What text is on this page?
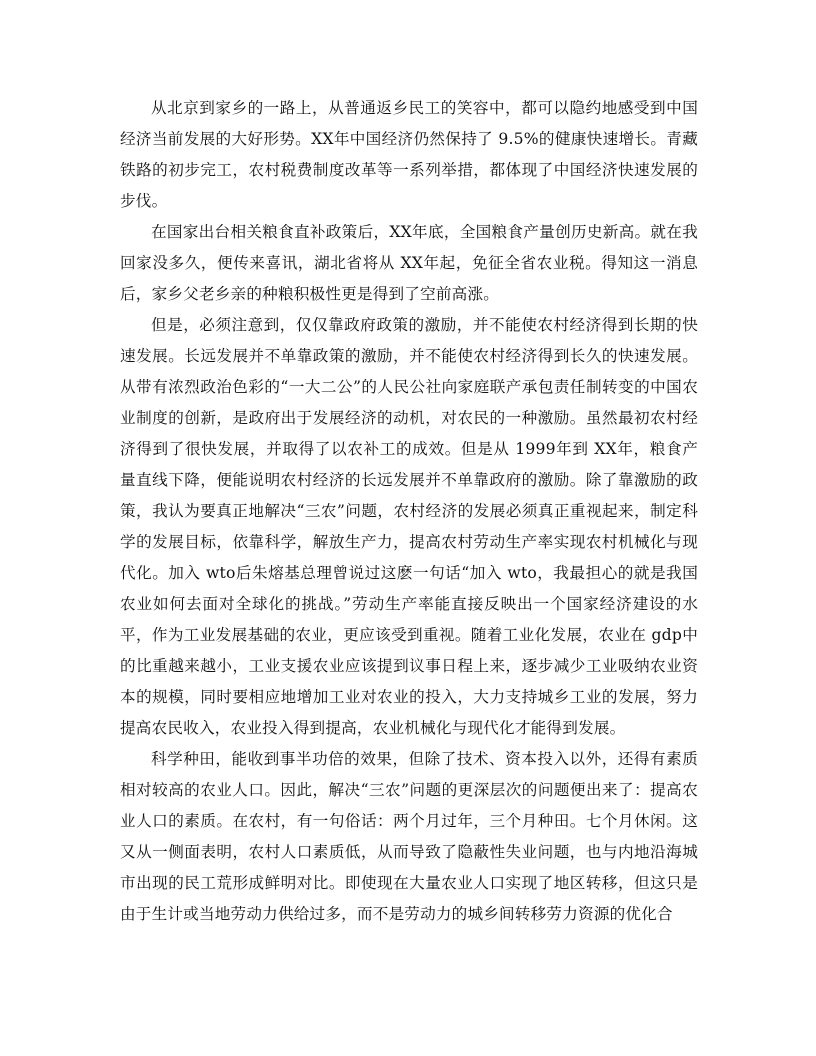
从北京到家乡的一路上，从普通返乡民工的笑容中，都可以隐约地感受到中国经济当前发展的大好形势。XX年中国经济仍然保持了 9.5%的健康快速增长。青藏铁路的初步完工，农村税费制度改革等一系列举措，都体现了中国经济快速发展的步伐。

在国家出台相关粮食直补政策后，XX年底，全国粮食产量创历史新高。就在我回家没多久，便传来喜讯，湖北省将从 XX年起，免征全省农业税。得知这一消息后，家乡父老乡亲的种粮积极性更是得到了空前高涨。

但是，必须注意到，仅仅靠政府政策的激励，并不能使农村经济得到长期的快速发展。长远发展并不单靠政策的激励，并不能使农村经济得到长久的快速发展。从带有浓烈政治色彩的“一大二公”的人民公社向家庭联产承包责任制转变的中国农业制度的创新，是政府出于发展经济的动机，对农民的一种激励。虽然最初农村经济得到了很快发展，并取得了以农补工的成效。但是从 1999年到 XX年，粮食产量直线下降，便能说明农村经济的长远发展并不单靠政府的激励。除了靠激励的政策，我认为要真正地解决“三农”问题，农村经济的发展必须真正重视起来，制定科学的发展目标，依靠科学，解放生产力，提高农村劳动生产率实现农村机械化与现代化。加入 wto后朱熔基总理曾说过这麽一句话“加入 wto，我最担心的就是我国农业如何去面对全球化的挑战。”劳动生产率能直接反映出一个国家经济建设的水平，作为工业发展基础的农业，更应该受到重视。随着工业化发展，农业在 gdp中的比重越来越小，工业支援农业应该提到议事日程上来，逐步减少工业吸纳农业资本的规模，同时要相应地增加工业对农业的投入，大力支持城乡工业的发展，努力提高农民收入，农业投入得到提高，农业机械化与现代化才能得到发展。

科学种田，能收到事半功倍的效果，但除了技术、资本投入以外，还得有素质相对较高的农业人口。因此，解决“三农”问题的更深层次的问题便出来了：提高农业人口的素质。在农村，有一句俗话：两个月过年，三个月种田。七个月休闲。这又从一侧面表明，农村人口素质低，从而导致了隐蔽性失业问题，也与内地沿海城市出现的民工荒形成鲜明对比。即使现在大量农业人口实现了地区转移，但这只是由于生计或当地劳动力供给过多，而不是劳动力的城乡间转移劳力资源的优化合
